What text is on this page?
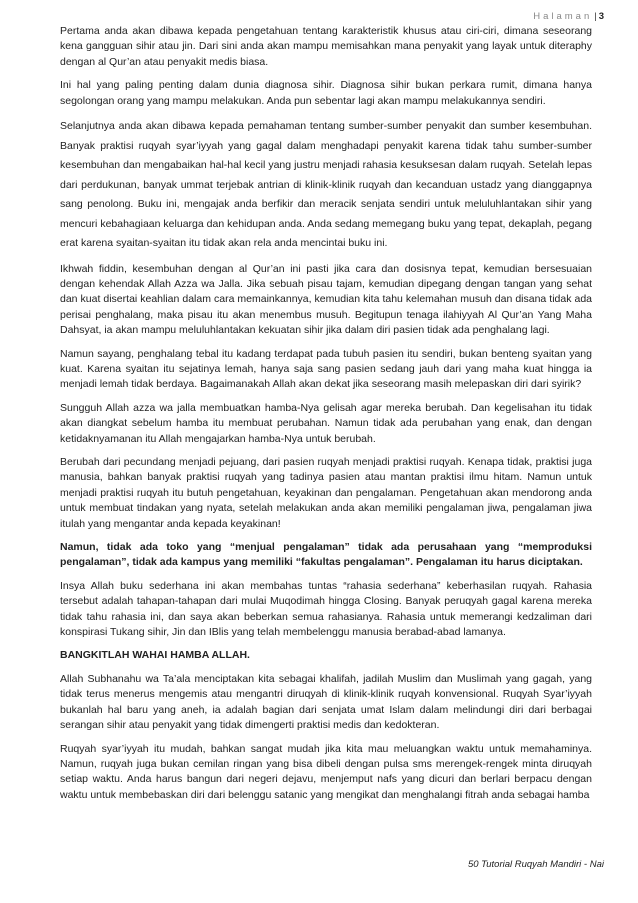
Halaman | 3

Pertama anda akan dibawa kepada pengetahuan tentang karakteristik khusus atau ciri-ciri, dimana seseorang kena gangguan sihir atau jin. Dari sini anda akan mampu memisahkan mana penyakit yang layak untuk diteraphy dengan al Qur’an atau penyakit medis biasa.

Ini hal yang paling penting dalam dunia diagnosa sihir. Diagnosa sihir bukan perkara rumit, dimana hanya segolongan orang yang mampu melakukan. Anda pun sebentar lagi akan mampu melakukannya sendiri.

Selanjutnya anda akan dibawa kepada pemahaman tentang sumber-sumber penyakit dan sumber kesembuhan. Banyak praktisi ruqyah syar’iyyah yang gagal dalam menghadapi penyakit karena tidak tahu sumber-sumber kesembuhan dan mengabaikan hal-hal kecil yang justru menjadi rahasia kesuksesan dalam ruqyah. Setelah lepas dari perdukunan, banyak ummat terjebak antrian di klinik-klinik ruqyah dan kecanduan ustadz yang dianggapnya sang penolong. Buku ini, mengajak anda berfikir dan meracik senjata sendiri untuk meluluhlantakan sihir yang mencuri kebahagiaan keluarga dan kehidupan anda. Anda sedang memegang buku yang tepat, dekaplah, pegang erat karena syaitan-syaitan itu tidak akan rela anda mencintai buku ini.

Ikhwah fiddin, kesembuhan dengan al Qur’an ini pasti jika cara dan dosisnya tepat, kemudian bersesuaian dengan kehendak Allah Azza wa Jalla. Jika sebuah pisau tajam, kemudian dipegang dengan tangan yang sehat dan kuat disertai keahlian dalam cara memainkannya, kemudian kita tahu kelemahan musuh dan disana tidak ada perisai penghalang, maka pisau itu akan menembus musuh. Begitupun tenaga ilahiyyah Al Qur’an Yang Maha Dahsyat, ia akan mampu meluluhlantakan kekuatan sihir jika dalam diri pasien tidak ada penghalang lagi.

Namun sayang, penghalang tebal itu kadang terdapat pada tubuh pasien itu sendiri, bukan benteng syaitan yang kuat. Karena syaitan itu sejatinya lemah, hanya saja sang pasien sedang jauh dari yang maha kuat hingga ia menjadi lemah tidak berdaya. Bagaimanakah Allah akan dekat jika seseorang masih melepaskan diri dari syirik?

Sungguh Allah azza wa jalla membuatkan hamba-Nya gelisah agar mereka berubah. Dan kegelisahan itu tidak akan diangkat sebelum hamba itu membuat perubahan. Namun tidak ada perubahan yang enak, dan dengan ketidaknyamanan itu Allah mengajarkan hamba-Nya untuk berubah.

Berubah dari pecundang menjadi pejuang, dari pasien ruqyah menjadi praktisi ruqyah. Kenapa tidak, praktisi juga manusia, bahkan banyak praktisi ruqyah yang tadinya pasien atau mantan praktisi ilmu hitam. Namun untuk menjadi praktisi ruqyah itu butuh pengetahuan, keyakinan dan pengalaman. Pengetahuan akan mendorong anda untuk membuat tindakan yang nyata, setelah melakukan anda akan memiliki pengalaman jiwa, pengalaman jiwa itulah yang mengantar anda kepada keyakinan!

Namun, tidak ada toko yang “menjual pengalaman” tidak ada perusahaan yang “memproduksi pengalaman”, tidak ada kampus yang memiliki “fakultas pengalaman”. Pengalaman itu harus diciptakan.

Insya Allah buku sederhana ini akan membahas tuntas “rahasia sederhana” keberhasilan ruqyah. Rahasia tersebut adalah tahapan-tahapan dari mulai Muqodimah hingga Closing. Banyak peruqyah gagal karena mereka tidak tahu rahasia ini, dan saya akan beberkan semua rahasianya. Rahasia untuk memerangi kedzaliman dari konspirasi Tukang sihir, Jin dan IBlis yang telah membelenggu manusia berabad-abad lamanya.

BANGKITLAH WAHAI HAMBA ALLAH.

Allah Subhanahu wa Ta’ala menciptakan kita sebagai khalifah, jadilah Muslim dan Muslimah yang gagah, yang tidak terus menerus mengemis atau mengantri diruqyah di klinik-klinik ruqyah konvensional. Ruqyah Syar’iyyah bukanlah hal baru yang aneh, ia adalah bagian dari senjata umat Islam dalam melindungi diri dari berbagai serangan sihir atau penyakit yang tidak dimengerti praktisi medis dan kedokteran.

Ruqyah syar’iyyah itu mudah, bahkan sangat mudah jika kita mau meluangkan waktu untuk memahaminya. Namun, ruqyah juga bukan cemilan ringan yang bisa dibeli dengan pulsa sms merengek-rengek minta diruqyah setiap waktu. Anda harus bangun dari negeri dejavu, menjemput nafs yang dicuri dan berlari berpacu dengan waktu untuk membebaskan diri dari belenggu satanic yang mengikat dan menghalangi fitrah anda sebagai hamba

50 Tutorial Ruqyah Mandiri - Nai
